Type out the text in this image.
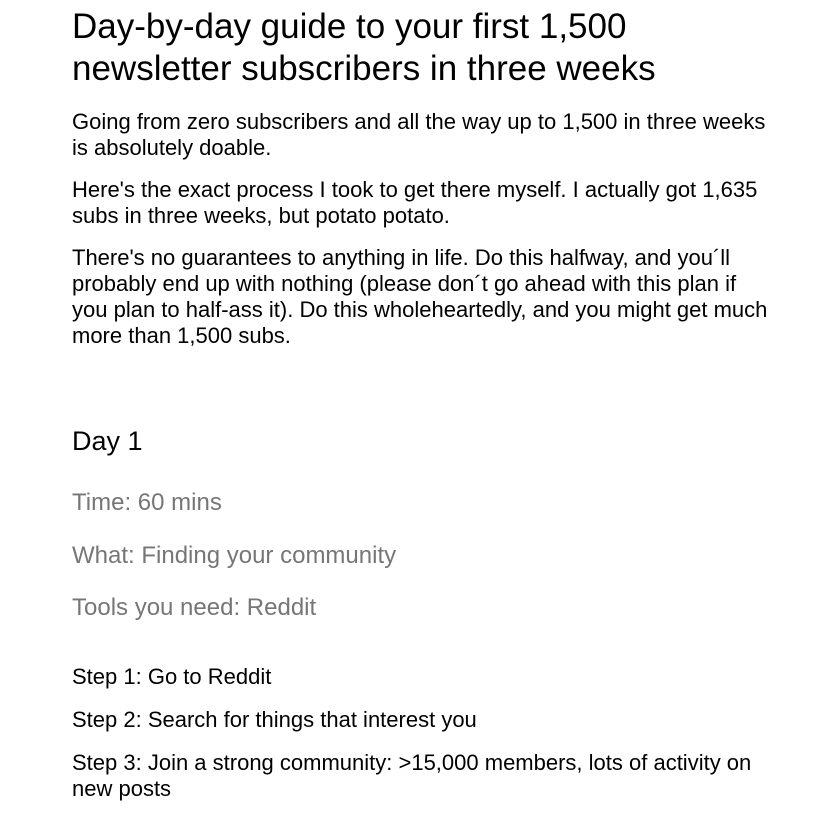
Day-by-day guide to your first 1,500 newsletter subscribers in three weeks

Going from zero subscribers and all the way up to 1,500 in three weeks is absolutely doable.

Here's the exact process I took to get there myself. I actually got 1,635 subs in three weeks, but potato potato.

There's no guarantees to anything in life. Do this halfway, and you´ll probably end up with nothing (please don´t go ahead with this plan if you plan to half-ass it). Do this wholeheartedly, and you might get much more than 1,500 subs.

Day 1

Time: 60 mins

What: Finding your community

Tools you need: Reddit

Step 1: Go to Reddit

Step 2: Search for things that interest you

Step 3: Join a strong community: >15,000 members, lots of activity on new posts
